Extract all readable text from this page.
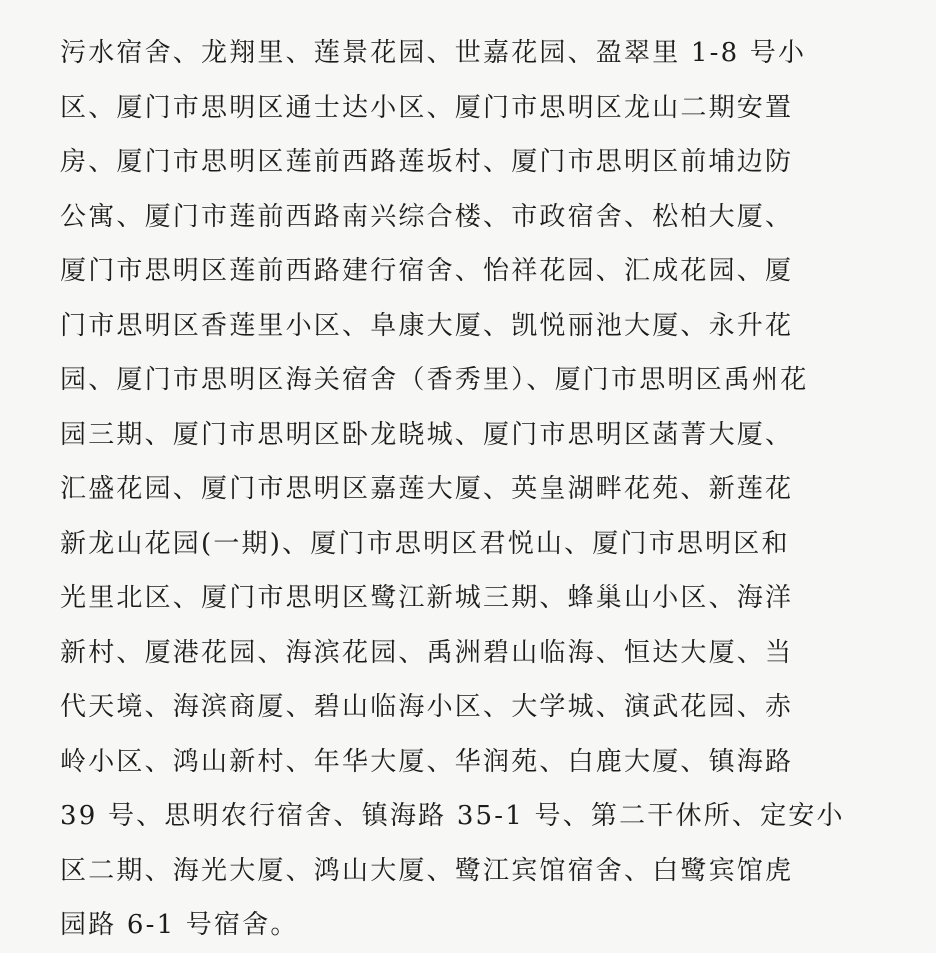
污水宿舍、龙翔里、莲景花园、世嘉花园、盈翠里 1-8 号小
区、厦门市思明区通士达小区、厦门市思明区龙山二期安置
房、厦门市思明区莲前西路莲坂村、厦门市思明区前埔边防
公寓、厦门市莲前西路南兴综合楼、市政宿舍、松柏大厦、
厦门市思明区莲前西路建行宿舍、怡祥花园、汇成花园、厦
门市思明区香莲里小区、阜康大厦、凯悦丽池大厦、永升花
园、厦门市思明区海关宿舍（香秀里）、厦门市思明区禹州花
园三期、厦门市思明区卧龙晓城、厦门市思明区菡菁大厦、
汇盛花园、厦门市思明区嘉莲大厦、英皇湖畔花苑、新莲花
新龙山花园(一期)、厦门市思明区君悦山、厦门市思明区和
光里北区、厦门市思明区鹭江新城三期、蜂巢山小区、海洋
新村、厦港花园、海滨花园、禹洲碧山临海、恒达大厦、当
代天境、海滨商厦、碧山临海小区、大学城、演武花园、赤
岭小区、鸿山新村、年华大厦、华润苑、白鹿大厦、镇海路
39 号、思明农行宿舍、镇海路 35-1 号、第二干休所、定安小
区二期、海光大厦、鸿山大厦、鹭江宾馆宿舍、白鹭宾馆虎
园路 6-1 号宿舍。
